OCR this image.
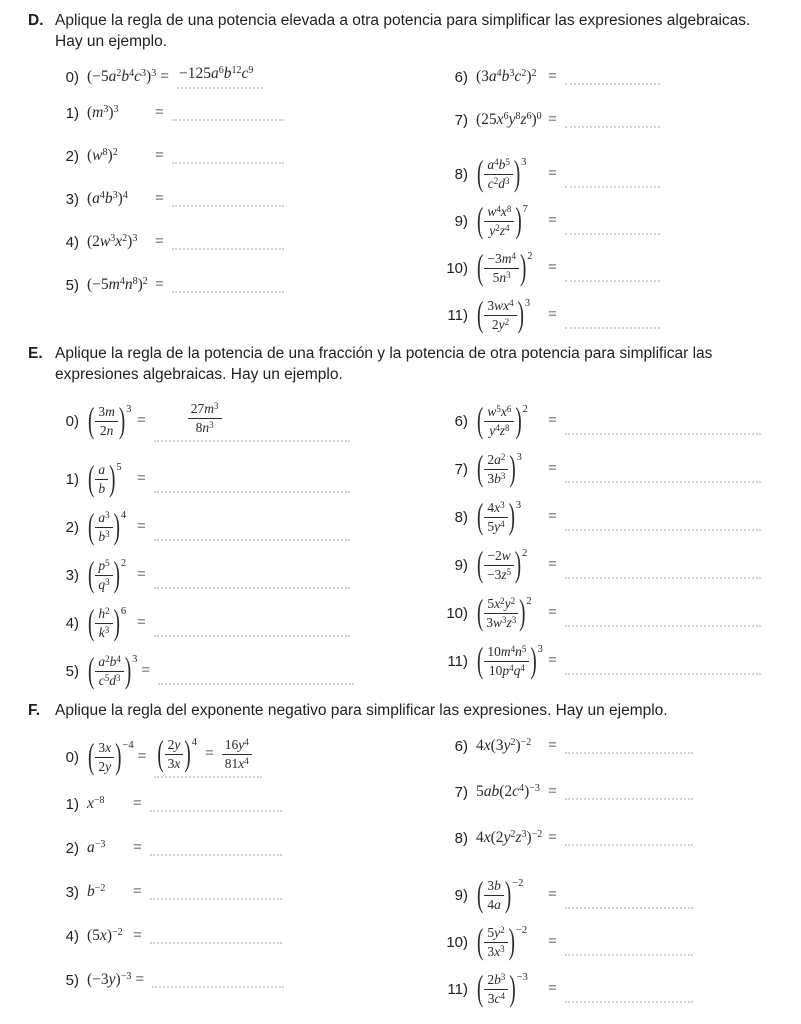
D. Aplique la regla de una potencia elevada a otra potencia para simplificar las expresiones algebraicas. Hay un ejemplo.
0) $(-5a^2b^4c^3)^3 = -125a^6b^{12}c^9$
1) $(m^3)^3$ =
2) $(w^8)^2$ =
3) $(a^4b^3)^4$ =
4) $(2w^3x^2)^3$ =
5) $(-5m^4n^8)^2$ =
6) $(3a^4b^3c^2)^2$ =
7) $(25x^6y^8z^6)^0$ =
8) ( $\frac{a^4b^5}{c^2d^3} )^3$
=
9) ( $\frac{w^4x^8}{y^2z^4} )^7$
=
10) ( $\frac{-3m^4}{5n^3} )^2$
=
11) ( $\frac{3wx^4}{2y^2} )^3$
=
E. Aplique la regla de la potencia de una fracción y la potencia de otra potencia para simplificar las expresiones algebraicas. Hay un ejemplo.
0) ( $\frac{3m}{2n} )^3$
=	$\frac{27m^3}{8n^3}$
1) ( $\frac{a}{b} )^5$
=
2) ( $\frac{a^3}{b^3} )^4$
=
3) ( $\frac{p^5}{q^3} )^2$
=
4) ( $\frac{h^2}{k^3} )^6$
=
5) ( $\frac{a^2b^4}{c^5d^3} )^3$
=
6) ( $\frac{w^5x^6}{y^4z^8} )^2$
=
7) ( $\frac{2a^2}{3b^3} )^3$
=
8) ( $\frac{4x^3}{5y^4} )^3$
=
9) ( $\frac{-2w}{-3z^5} )^2$
=
10) ( $\frac{5x^2y^2}{3w^3z^3} )^2$
=
11) ( $\frac{10m^4n^5}{10p^4q^4} )^3$
=
F. Aplique la regla del exponente negativo para simplificar las expresiones. Hay un ejemplo.
0) ( $\frac{3x}{2y} )^{-4}$
= ( $\frac{2y}{3x} )^4$
= $\frac{16y^4}{81x^4}$
1) $x^{-8}$ =
2) $a^{-3}$ =
3) $b^{-2}$ =
4) $(5x)^{-2}$ =
5) $(-3y)^{-3}$ =
6) $4x(3y^2)^{-2}$ =
7) $5ab(2c^4)^{-3}$ =
8) $4x(2y^2z^3)^{-2}$ =
9) ( $\frac{3b}{4a} )^{-2}$
=
10) ( $\frac{5y^2}{3x^3} )^{-2}$
=
11) ( $\frac{2b^3}{3c^4} )^{-3}$
=
